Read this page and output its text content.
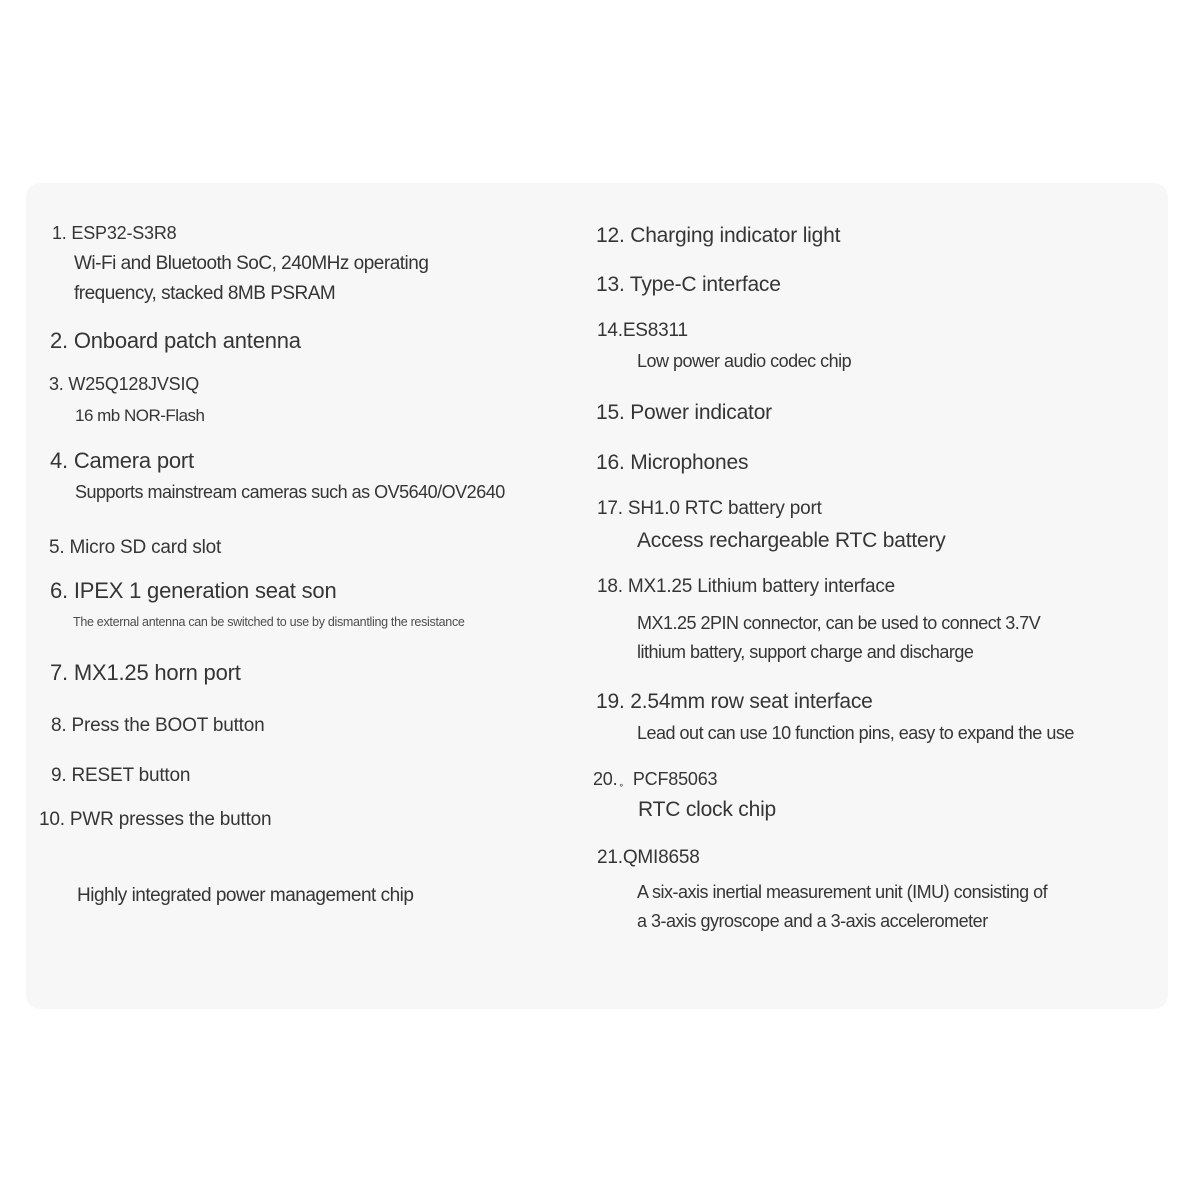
1. ESP32-S3R8
Wi-Fi and Bluetooth SoC, 240MHz operating
frequency, stacked 8MB PSRAM
2. Onboard patch antenna
3. W25Q128JVSIQ
16 mb NOR-Flash
4. Camera port
Supports mainstream cameras such as OV5640/OV2640
5. Micro SD card slot
6. IPEX 1 generation seat son
The external antenna can be switched to use by dismantling the resistance
7. MX1.25 horn port
8. Press the BOOT button
9. RESET button
10. PWR presses the button
Highly integrated power management chip
12. Charging indicator light
13. Type-C interface
14.ES8311
Low power audio codec chip
15. Power indicator
16. Microphones
17. SH1.0 RTC battery port
Access rechargeable RTC battery
18. MX1.25 Lithium battery interface
MX1.25 2PIN connector, can be used to connect 3.7V
lithium battery, support charge and discharge
19. 2.54mm row seat interface
Lead out can use 10 function pins, easy to expand the use
20.∘ PCF85063
RTC clock chip
21.QMI8658
A six-axis inertial measurement unit (IMU) consisting of
a 3-axis gyroscope and a 3-axis accelerometer
